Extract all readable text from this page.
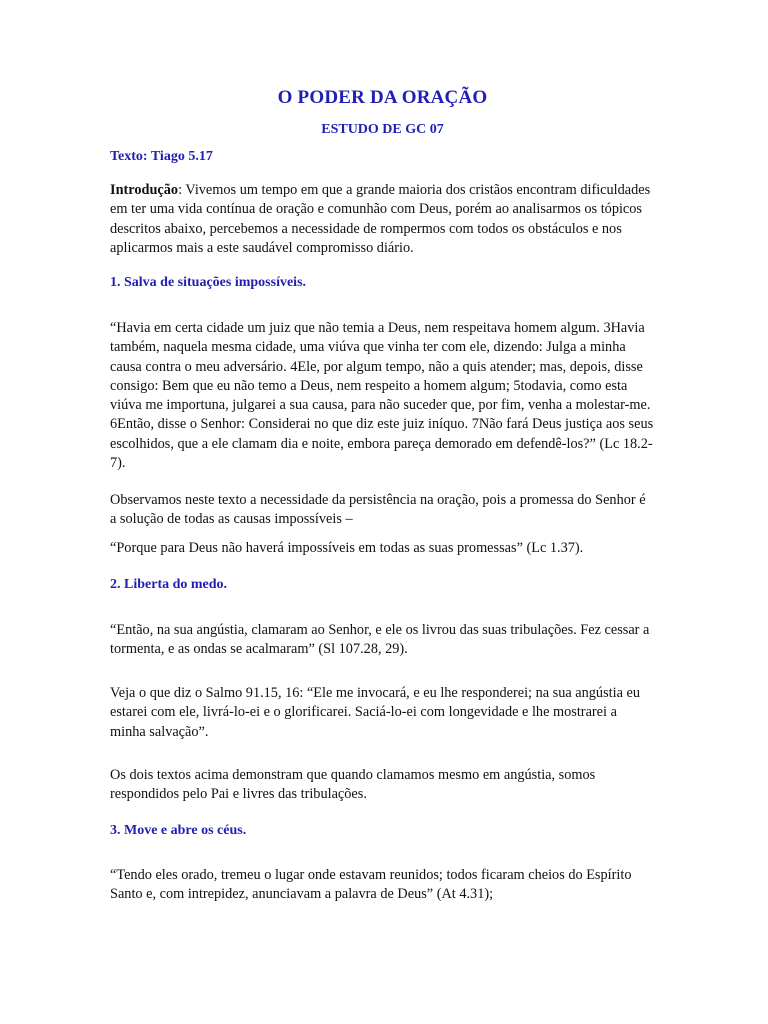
O PODER DA ORAÇÃO
ESTUDO DE GC 07
Texto: Tiago 5.17
Introdução: Vivemos um tempo em que a grande maioria dos cristãos encontram dificuldades em ter uma vida contínua de oração e comunhão com Deus, porém ao analisarmos os tópicos descritos abaixo, percebemos a necessidade de rompermos com todos os obstáculos e nos aplicarmos mais a este saudável compromisso diário.
1. Salva de situações impossíveis.
“Havia em certa cidade um juiz que não temia a Deus, nem respeitava homem algum. 3Havia também, naquela mesma cidade, uma viúva que vinha ter com ele, dizendo: Julga a minha causa contra o meu adversário. 4Ele, por algum tempo, não a quis atender; mas, depois, disse consigo: Bem que eu não temo a Deus, nem respeito a homem algum; 5todavia, como esta viúva me importuna, julgarei a sua causa, para não suceder que, por fim, venha a molestar-me. 6Então, disse o Senhor: Considerai no que diz este juiz iníquo. 7Não fará Deus justiça aos seus escolhidos, que a ele clamam dia e noite, embora pareça demorado em defendê-los?” (Lc 18.2-7).
Observamos neste texto a necessidade da persistência na oração, pois a promessa do Senhor é a solução de todas as causas impossíveis –
“Porque para Deus não haverá impossíveis em todas as suas promessas” (Lc 1.37).
2. Liberta do medo.
“Então, na sua angústia, clamaram ao Senhor, e ele os livrou das suas tribulações. Fez cessar a tormenta, e as ondas se acalmaram” (Sl 107.28, 29).
Veja o que diz o Salmo 91.15, 16: “Ele me invocará, e eu lhe responderei; na sua angústia eu estarei com ele, livrá-lo-ei e o glorificarei. Saciá-lo-ei com longevidade e lhe mostrarei a minha salvação”.
Os dois textos acima demonstram que quando clamamos mesmo em angústia, somos respondidos pelo Pai e livres das tribulações.
3. Move e abre os céus.
“Tendo eles orado, tremeu o lugar onde estavam reunidos; todos ficaram cheios do Espírito Santo e, com intrepidez, anunciavam a palavra de Deus” (At 4.31);
